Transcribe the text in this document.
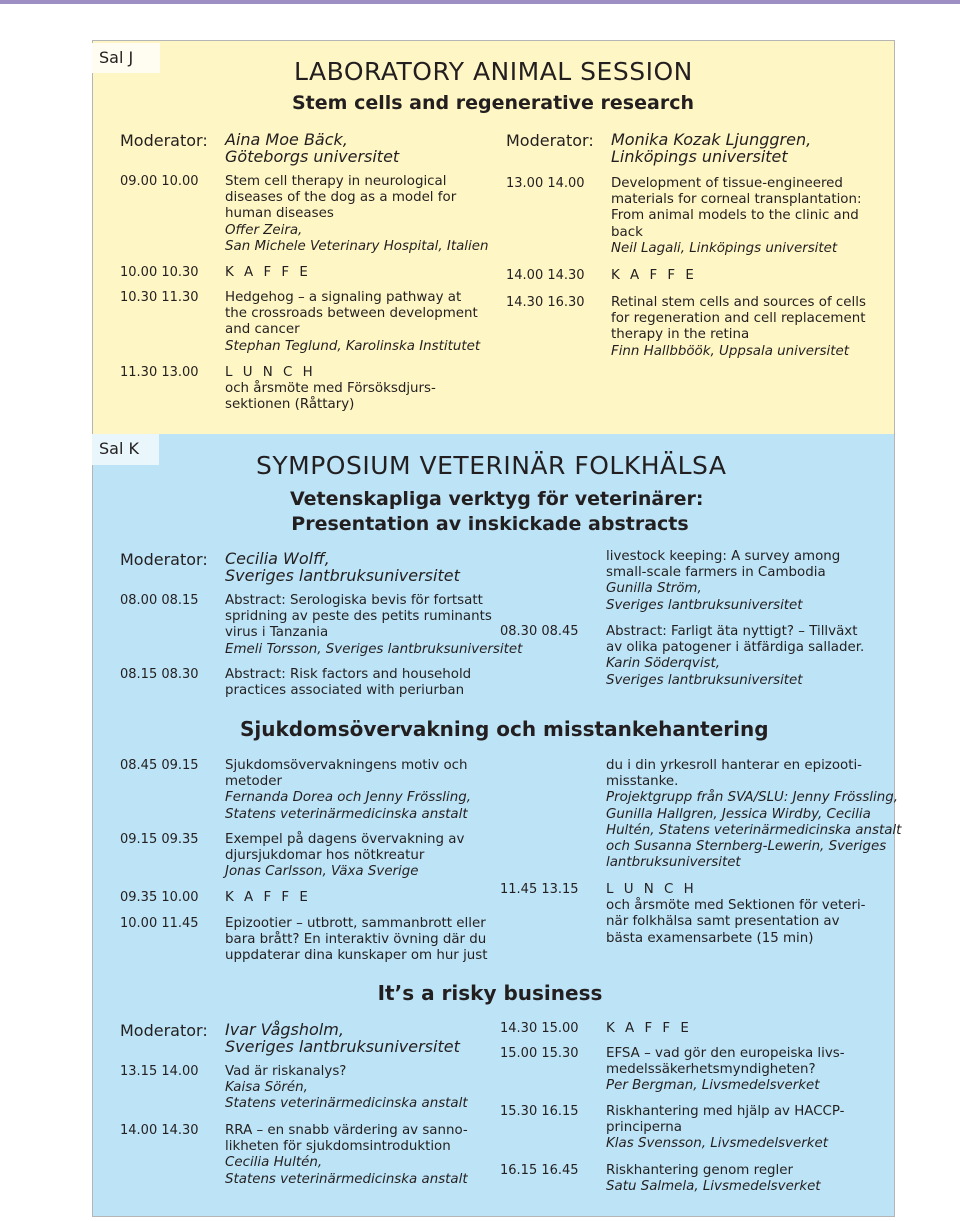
Sal J	LABORATORY ANIMAL SESSION
Stem cells and regenerative research
Moderator: Aina Moe Bäck,
Göteborgs universitet
09.00 10.00 Stem cell therapy in neurological
diseases of the dog as a model for
human diseases
Offer Zeira,
San Michele Veterinary Hospital, Italien
10.00 10.30 K A F F E
10.30 11.30 Hedgehog – a signaling pathway at
the crossroads between development
and cancer
Stephan Teglund, Karolinska Institutet
11.30 13.00 L U N C H
och årsmöte med Försöksdjurs-
sektionen (Råttary)
Moderator: Monika Kozak Ljunggren,
Linköpings universitet
13.00 14.00 Development of tissue-engineered
materials for corneal transplantation:
From animal models to the clinic and
back
Neil Lagali, Linköpings universitet
14.00 14.30 K A F F E
14.30 16.30 Retinal stem cells and sources of cells
for regeneration and cell replacement
therapy in the retina
Finn Hallbböök, Uppsala universitet
Sal K
SYMPOSIUM VETERINÄR FOLKHÄLSA
Vetenskapliga verktyg för veterinärer:
Presentation av inskickade abstracts
Moderator: Cecilia Wolff,
Sveriges lantbruksuniversitet
08.00 08.15 Abstract: Serologiska bevis för fortsatt
spridning av peste des petits ruminants
virus i Tanzania
Emeli Torsson, Sveriges lantbruksuniversitet
08.15 08.30 Abstract: Risk factors and household
practices associated with periurban
livestock keeping: A survey among
small-scale farmers in Cambodia
Gunilla Ström,
Sveriges lantbruksuniversitet
08.30 08.45 Abstract: Farligt äta nyttigt? – Tillväxt
av olika patogener i ätfärdiga sallader.
Karin Söderqvist,
Sveriges lantbruksuniversitet
Sjukdomsövervakning och misstankehantering
08.45 09.15 Sjukdomsövervakningens motiv och
metoder
Fernanda Dorea och Jenny Frössling,
Statens veterinärmedicinska anstalt
09.15 09.35 Exempel på dagens övervakning av
djursjukdomar hos nötkreatur
Jonas Carlsson, Växa Sverige
09.35 10.00 K A F F E
10.00 11.45 Epizootier – utbrott, sammanbrott eller
bara brått? En interaktiv övning där du
uppdaterar dina kunskaper om hur just
du i din yrkesroll hanterar en epizooti-
misstanke.
Projektgrupp från SVA/SLU: Jenny Frössling,
Gunilla Hallgren, Jessica Wirdby, Cecilia
Hultén, Statens veterinärmedicinska anstalt
och Susanna Sternberg-Lewerin, Sveriges
lantbruksuniversitet
11.45 13.15 L U N C H
och årsmöte med Sektionen för veteri-
när folkhälsa samt presentation av
bästa examensarbete (15 min)
It’s a risky business
Moderator: Ivar Vågsholm,
Sveriges lantbruksuniversitet
13.15 14.00 Vad är riskanalys?
Kaisa Sörén,
Statens veterinärmedicinska anstalt
14.00 14.30 RRA – en snabb värdering av sanno-
likheten för sjukdomsintroduktion
Cecilia Hultén,
Statens veterinärmedicinska anstalt
14.30 15.00 K A F F E
15.00 15.30 EFSA – vad gör den europeiska livs-
medelssäkerhetsmyndigheten?
Per Bergman, Livsmedelsverket
15.30 16.15 Riskhantering med hjälp av HACCP-
principerna
Klas Svensson, Livsmedelsverket
16.15 16.45 Riskhantering genom regler
Satu Salmela, Livsmedelsverket
